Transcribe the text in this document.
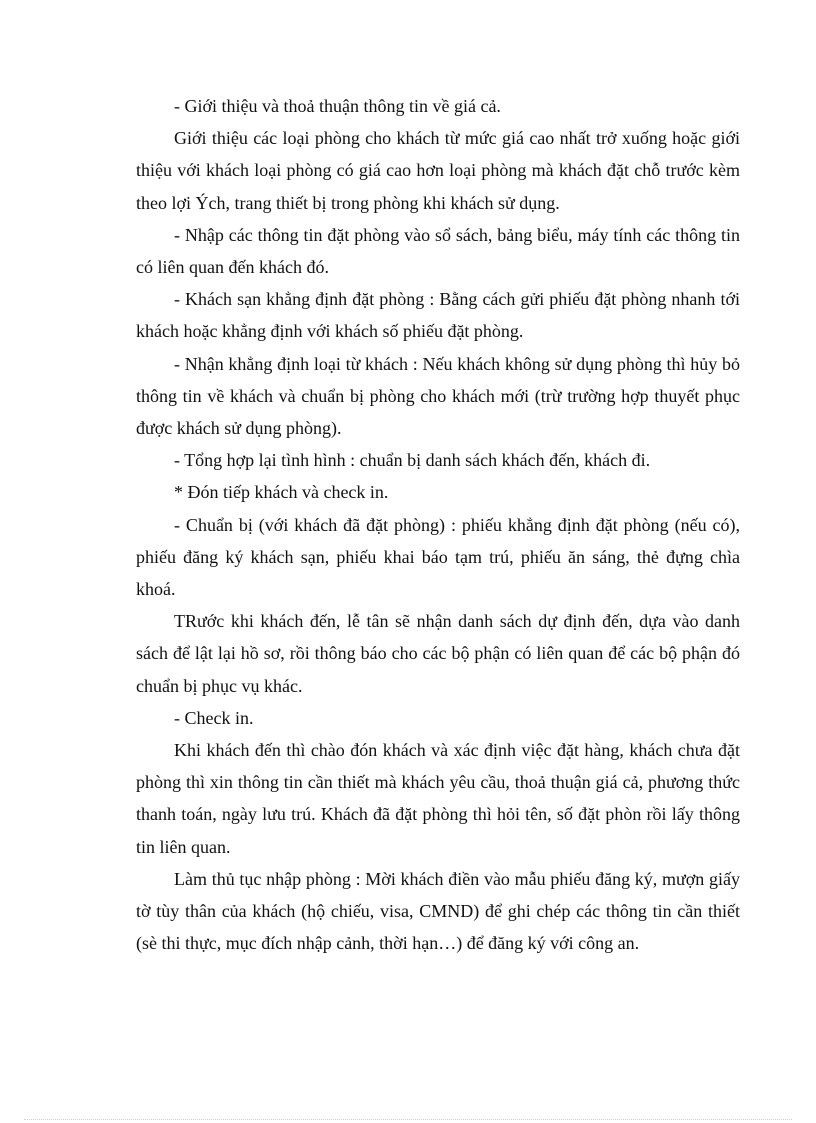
- Giới thiệu và thoả thuận thông tin về giá cả.

Giới thiệu các loại phòng cho khách từ mức giá cao nhất trở xuống hoặc giới thiệu với khách loại phòng có giá cao hơn loại phòng mà khách đặt chỗ trước kèm theo lợi Ých, trang thiết bị trong phòng khi khách sử dụng.

- Nhập các thông tin đặt phòng vào sổ sách, bảng biểu, máy tính các thông tin có liên quan đến khách đó.

- Khách sạn khẳng định đặt phòng : Bằng cách gửi phiếu đặt phòng nhanh tới khách hoặc khẳng định với khách số phiếu đặt phòng.

- Nhận khẳng định loại từ khách : Nếu khách không sử dụng phòng thì hủy bỏ thông tin về khách và chuẩn bị phòng cho khách mới (trừ trường hợp thuyết phục được khách sử dụng phòng).

- Tổng hợp lại tình hình : chuẩn bị danh sách khách đến, khách đi.

* Đón tiếp khách và check in.

- Chuẩn bị (với khách đã đặt phòng) : phiếu khẳng định đặt phòng (nếu có), phiếu đăng ký khách sạn, phiếu khai báo tạm trú, phiếu ăn sáng, thẻ đựng chìa khoá.

TRước khi khách đến, lễ tân sẽ nhận danh sách dự định đến, dựa vào danh sách để lật lại hồ sơ, rồi thông báo cho các bộ phận có liên quan để các bộ phận đó chuẩn bị phục vụ khác.

- Check in.

Khi khách đến thì chào đón khách và xác định việc đặt hàng, khách chưa đặt phòng thì xin thông tin cần thiết mà khách yêu cầu, thoả thuận giá cả, phương thức thanh toán, ngày lưu trú. Khách đã đặt phòng thì hỏi tên, số đặt phòn rồi lấy thông tin liên quan.

Làm thủ tục nhập phòng : Mời khách điền vào mẫu phiếu đăng ký, mượn giấy tờ tùy thân của khách (hộ chiếu, visa, CMND) để ghi chép các thông tin cần thiết (sè thi thực, mục đích nhập cảnh, thời hạn…) để đăng ký với công an.
